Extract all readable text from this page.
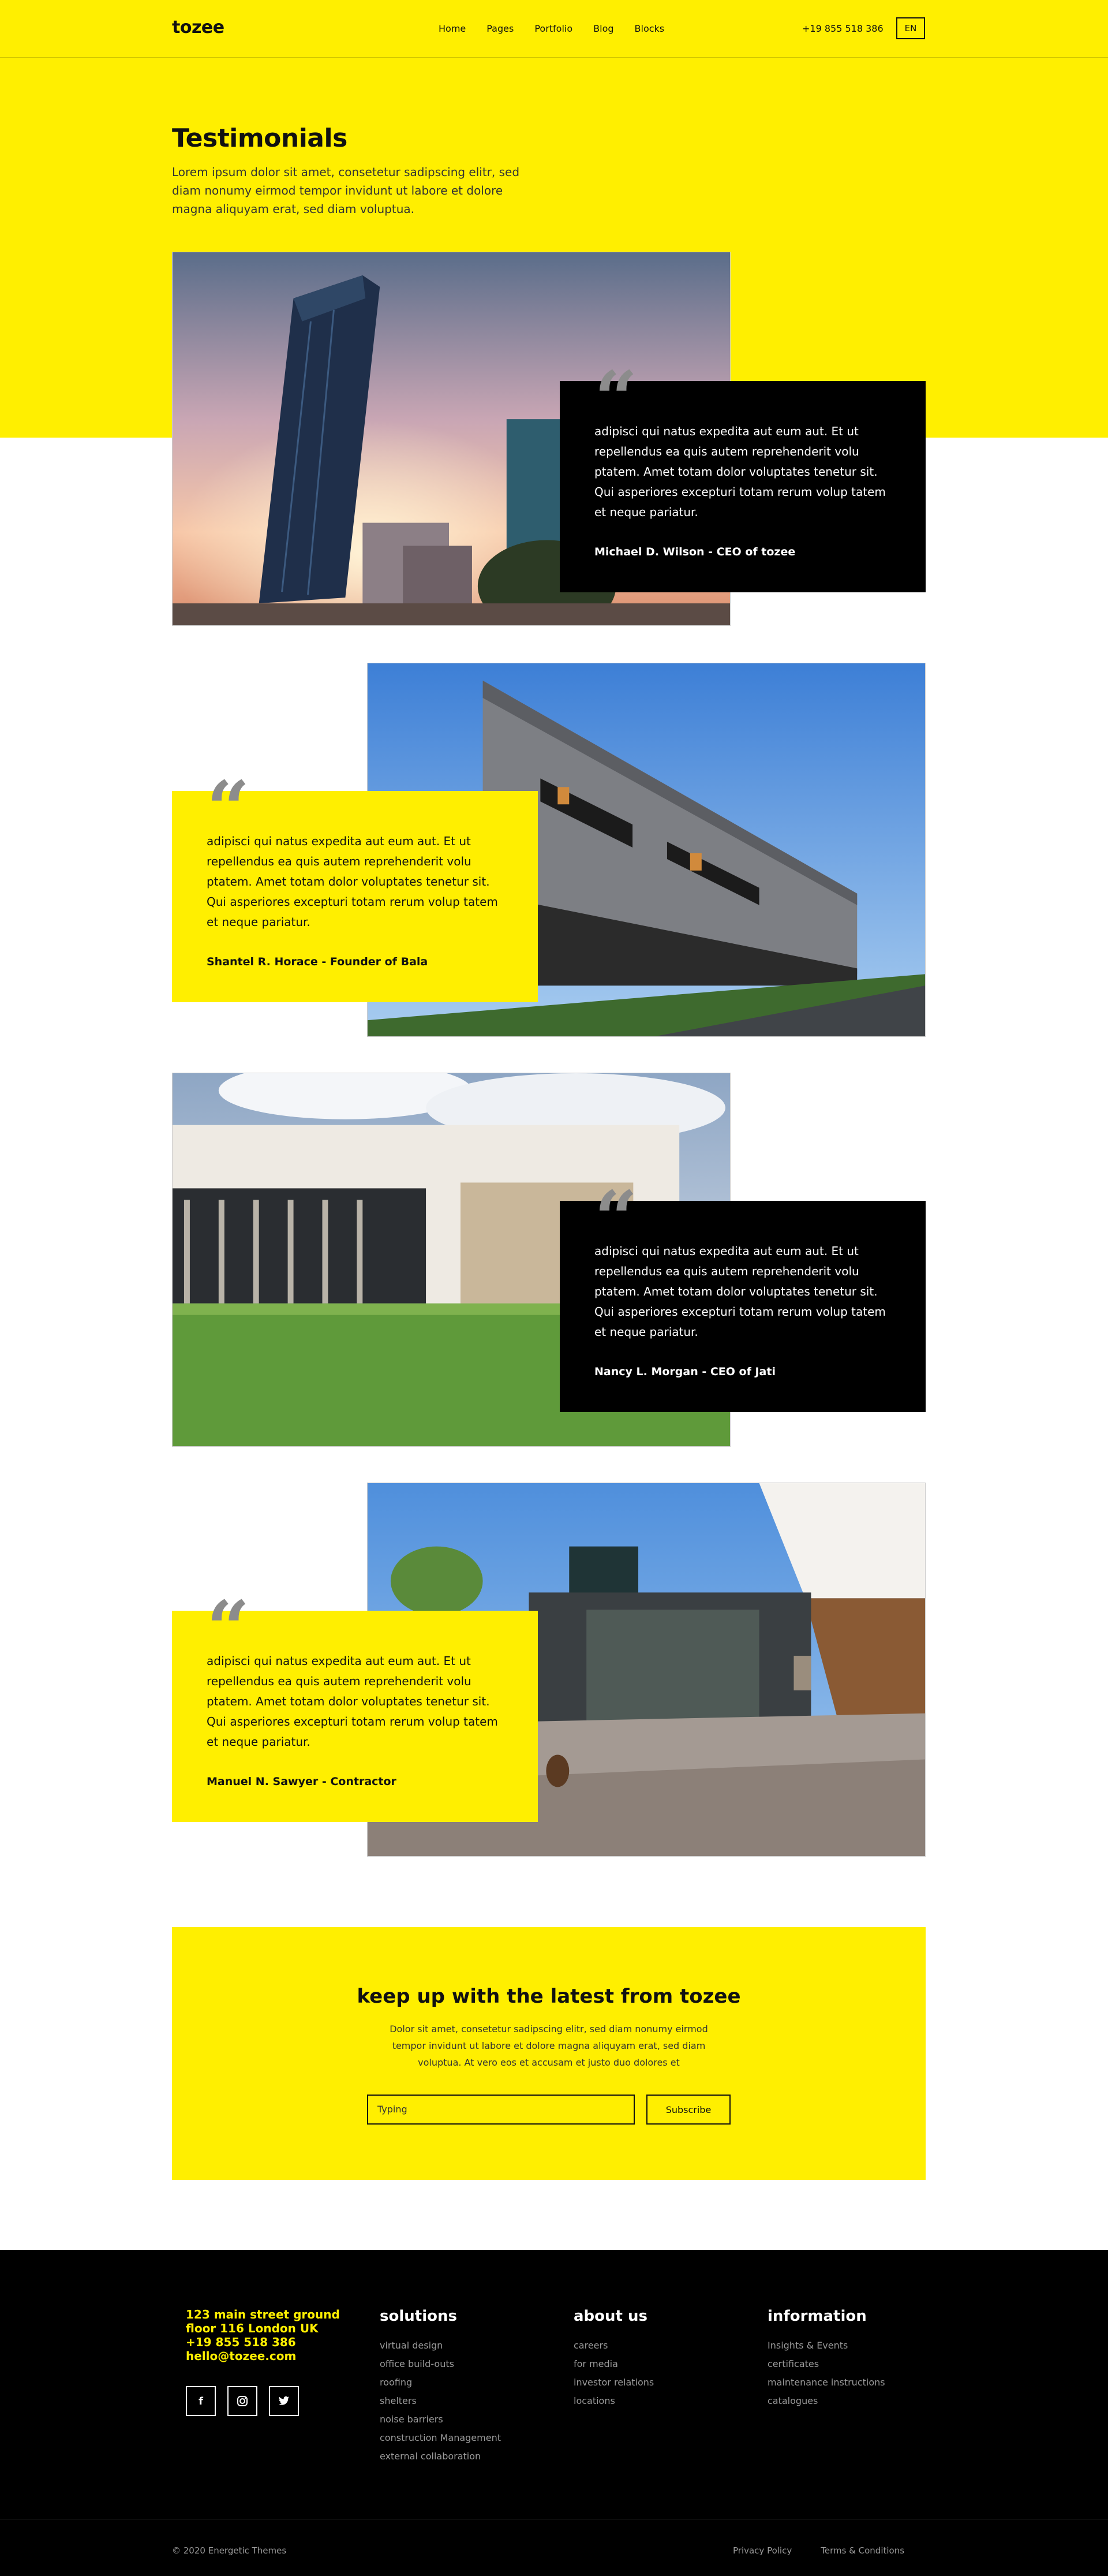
tozee	Home Pages Portfolio Blog Blocks	+19 855 518 386	EN
Testimonials

Lorem ipsum dolor sit amet, consetetur sadipscing elitr, sed diam nonumy eirmod tempor invidunt ut labore et dolore magna aliquyam erat, sed diam voluptua.

“

adipisci qui natus expedita aut eum aut. Et ut repellendus ea quis autem reprehenderit volu ptatem. Amet totam dolor voluptates tenetur sit. Qui asperiores excepturi totam rerum volup tatem et neque pariatur.

Michael D. Wilson - CEO of tozee

“

adipisci qui natus expedita aut eum aut. Et ut repellendus ea quis autem reprehenderit volu ptatem. Amet totam dolor voluptates tenetur sit. Qui asperiores excepturi totam rerum volup tatem et neque pariatur.

Shantel R. Horace - Founder of Bala

“

adipisci qui natus expedita aut eum aut. Et ut repellendus ea quis autem reprehenderit volu ptatem. Amet totam dolor voluptates tenetur sit. Qui asperiores excepturi totam rerum volup tatem et neque pariatur.

Nancy L. Morgan - CEO of Jati

“

adipisci qui natus expedita aut eum aut. Et ut repellendus ea quis autem reprehenderit volu ptatem. Amet totam dolor voluptates tenetur sit. Qui asperiores excepturi totam rerum volup tatem et neque pariatur.

Manuel N. Sawyer - Contractor

keep up with the latest from tozee

Dolor sit amet, consetetur sadipscing elitr, sed diam nonumy eirmod tempor invidunt ut labore et dolore magna aliquyam erat, sed diam voluptua. At vero eos et accusam et justo duo dolores et

Typing	Subscribe
123 main street ground
floor 116 London UK
+19 855 518 386
hello@tozee.com
f
solutions
virtual design
office build-outs
roofing
shelters
noise barriers
construction Management
external collaboration
about us
careers
for media
investor relations
locations
information
Insights & Events
certificates
maintenance instructions
catalogues
© 2020 Energetic Themes	Privacy Policy	Terms & Conditions
